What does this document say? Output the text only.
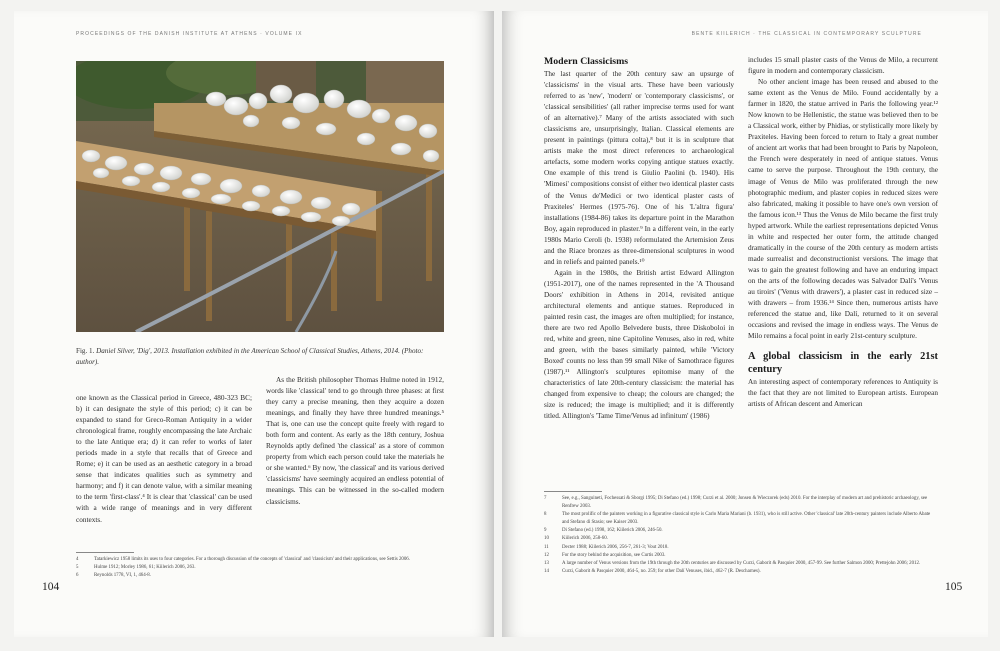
PROCEEDINGS OF THE DANISH INSTITUTE AT ATHENS · VOLUME IX
Fig. 1. Daniel Silver, 'Dig', 2013. Installation exhibited in the American School of Classical Studies, Athens, 2014. (Photo: author).

one known as the Classical period in Greece, 480-323 BC; b) it can designate the style of this period; c) it can be expanded to stand for Greco-Roman Antiquity in a wider chronological frame, roughly encompassing the late Archaic to the late Antique era; d) it can refer to works of later periods made in a style that recalls that of Greece and Rome; e) it can be used as an aesthetic category in a broad sense that indicates qualities such as symmetry and harmony; and f) it can denote value, with a similar meaning to the term 'first-class'.⁴ It is clear that 'classical' can be used with a wide range of meanings and in very different contexts.

As the British philosopher Thomas Hulme noted in 1912, words like 'classical' tend to go through three phases: at first they carry a precise meaning, then they acquire a dozen meanings, and finally they have three hundred meanings.⁵ That is, one can use the concept quite freely with regard to both form and content. As early as the 18th century, Joshua Reynolds aptly defined 'the classical' as a store of common property from which each person could take the materials he or she wanted.⁶ By now, 'the classical' and its various derived 'classicisms' have seemingly acquired an endless potential of meanings. This can be witnessed in the so-called modern classicisms.

4	Tatarkiewicz 1958 limits its uses to four categories. For a thorough discussion of the concepts of 'classical' and 'classicism' and their applications, see Settis 2006.
5	Hulme 1912; Morley 1986, 61; Kiilerich 2006, 263.
6	Reynolds 1778, VI, 1, 464-8.
104
BENTE KIILERICH · THE CLASSICAL IN CONTEMPORARY SCULPTURE
Modern Classicisms

The last quarter of the 20th century saw an upsurge of 'classicisms' in the visual arts. These have been variously referred to as 'new', 'modern' or 'contemporary classicisms', or 'classical sensibilities' (all rather imprecise terms used for want of an alternative).⁷ Many of the artists associated with such classicisms are, unsurprisingly, Italian. Classical elements are present in paintings (pittura colta),⁸ but it is in sculpture that artists make the most direct references to archaeological artefacts, some modern works copying antique statues exactly. One example of this trend is Giulio Paolini (b. 1940). His 'Mimesi' compositions consist of either two identical plaster casts of the Venus de'Medici or two identical plaster casts of Praxiteles' Hermes (1975-76). One of his 'L'altra figura' installations (1984-86) takes its departure point in the Marathon Boy, again reproduced in plaster.⁹ In a different vein, in the early 1980s Mario Ceroli (b. 1938) reformulated the Artemision Zeus and the Riace bronzes as three-dimensional sculptures in wood and in reliefs and painted panels.¹⁰

Again in the 1980s, the British artist Edward Allington (1951-2017), one of the names represented in the 'A Thousand Doors' exhibition in Athens in 2014, revisited antique architectural elements and antique statues. Reproduced in painted resin cast, the images are often multiplied; for instance, there are two red Apollo Belvedere busts, three Diskoboloi in red, white and green, nine Capitoline Venuses, also in red, white and green, with the bases similarly painted, while 'Victory Boxed' counts no less than 99 small Nike of Samothrace figures (1987).¹¹ Allington's sculptures epitomise many of the characteristics of late 20th-century classicism: the material has changed from expensive to cheap; the colours are changed; the size is reduced; the image is multiplied; and it is differently titled. Allington's 'Tame Time/Venus ad infinitum' (1986)

includes 15 small plaster casts of the Venus de Milo, a recurrent figure in modern and contemporary classicism.

No other ancient image has been reused and abused to the same extent as the Venus de Milo. Found accidentally by a farmer in 1820, the statue arrived in Paris the following year.¹² Now known to be Hellenistic, the statue was believed then to be a Classical work, either by Phidias, or stylistically more likely by Praxiteles. Having been forced to return to Italy a great number of ancient art works that had been brought to Paris by Napoleon, the French were desperately in need of antique statues. Venus came to serve the purpose. Throughout the 19th century, the image of Venus de Milo was proliferated through the new photographic medium, and plaster copies in reduced sizes were also fabricated, making it possible to have one's own version of the famous icon.¹³ Thus the Venus de Milo became the first truly hyped artwork. While the earliest representations depicted Venus in white and respected her outer form, the attitude changed dramatically in the course of the 20th century as modern artists made surrealist and deconstructionist versions. The image that was to gain the greatest following and have an enduring impact on the arts of the following decades was Salvador Dalí's 'Venus au tiroirs' ('Venus with drawers'), a plaster cast in reduced size – with drawers – from 1936.¹⁴ Since then, numerous artists have referenced the statue and, like Dalí, returned to it on several occasions and revised the image in endless ways. The Venus de Milo remains a focal point in early 21st-century sculpture.

A global classicism in the early 21st century

An interesting aspect of contemporary references to Antiquity is the fact that they are not limited to European artists. European artists of African descent and American

7	See, e.g., Sanguineti, Fochessati & Sborgi 1995; Di Stefano (ed.) 1998; Curzi et al. 2000; Jonsen & Wieczorek (eds) 2010. For the interplay of modern art and prehistoric archaeology, see Renfrew 2003.
8	The most prolific of the painters working in a figurative classical style is Carlo Maria Mariani (b. 1931), who is still active. Other 'classical' late 20th-century painters include Alberto Abate and Stefano di Stasio; see Kaiser 2003.
9	Di Stefano (ed.) 1998, 162; Kiilerich 2006, 246-50.
10	Kiilerich 2006, 258-60.
11	Decter 1988; Kiilerich 2006, 256-7, 261-3; Vout 2018.
12	For the story behind the acquisition, see Curtis 2003.
13	A large number of Venus versions from the 19th through the 20th centuries are discussed by Curzi, Gaborit & Pasquier 2000, 457-99. See further Salmon 2000; Prettejohn 2006; 2012.
14	Curzi, Gaborit & Pasquier 2000, 464-5, no. 259; for other Dalí Venuses, ibid., 462-7 (R. Descharnes).
105
